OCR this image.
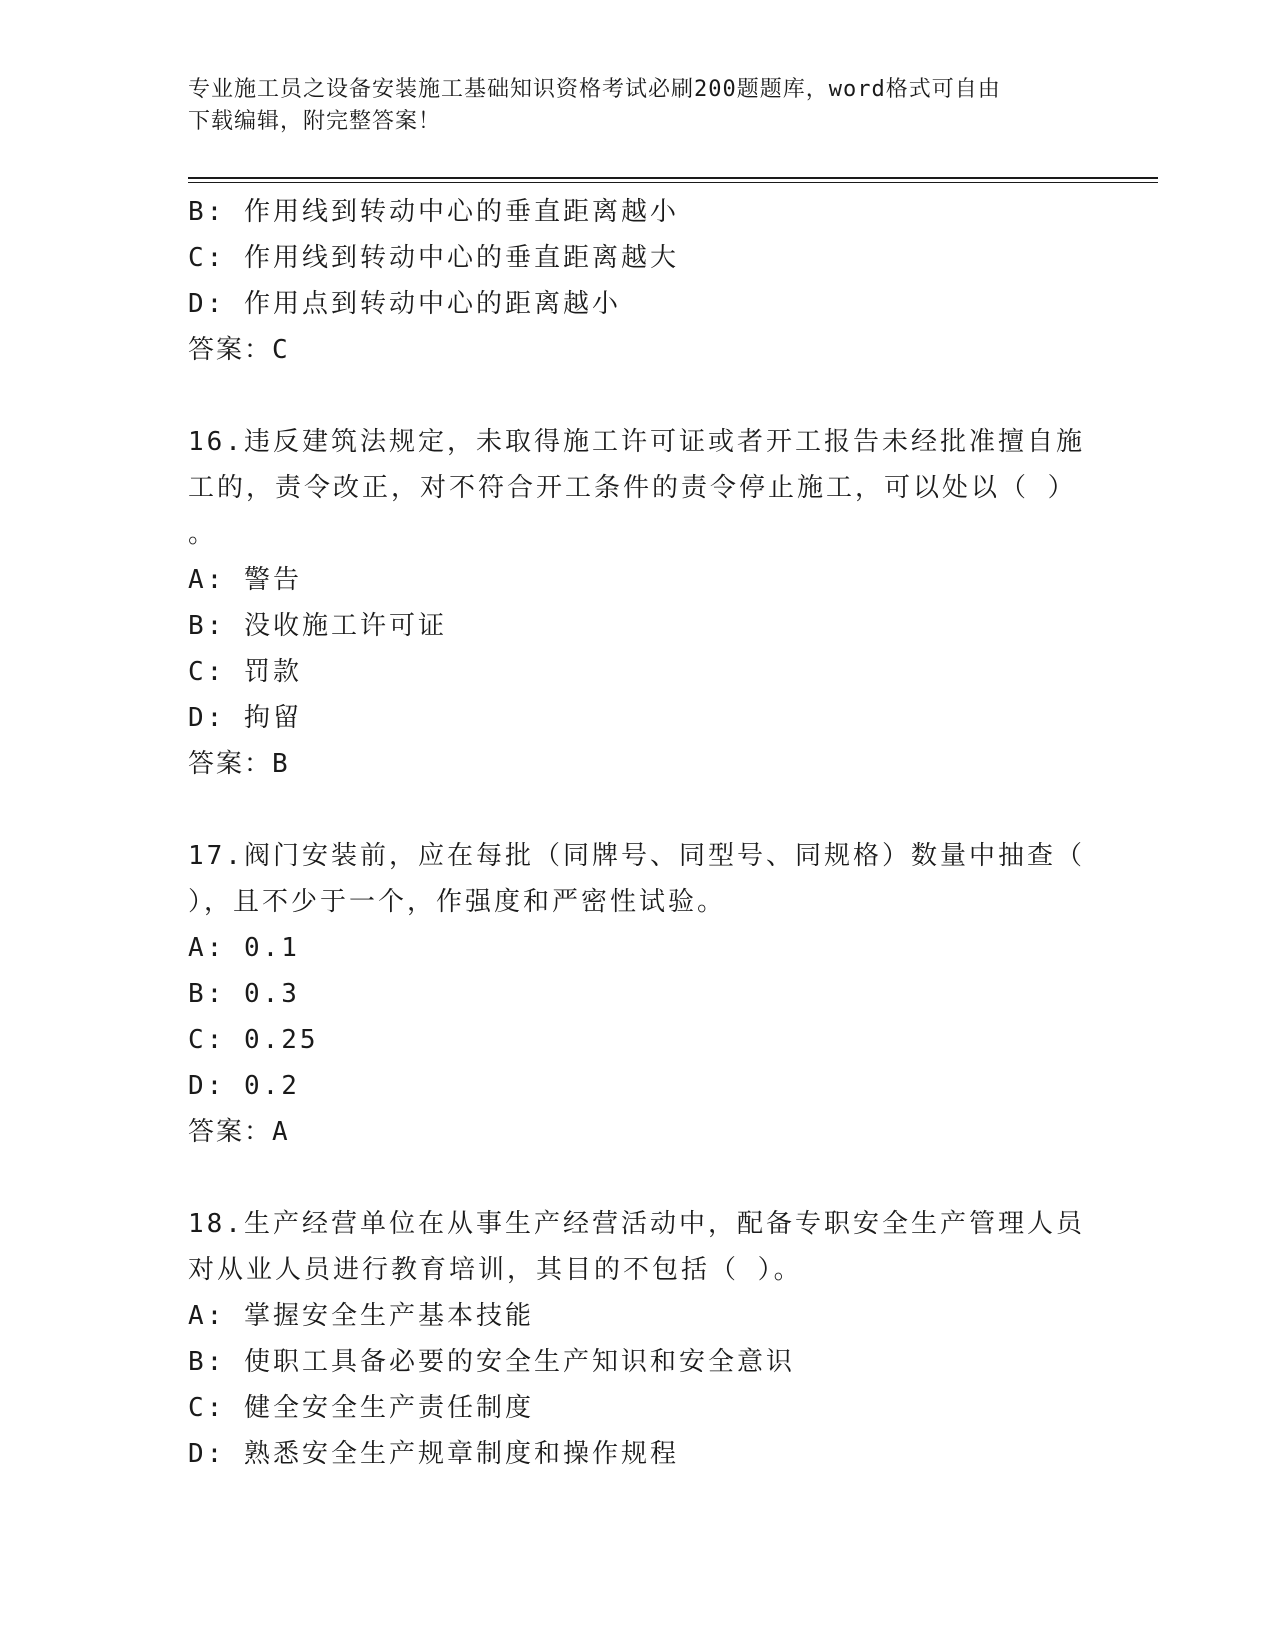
专业施工员之设备安装施工基础知识资格考试必刷200题题库，word格式可自由
下载编辑，附完整答案！
B: 作用线到转动中心的垂直距离越小
C: 作用线到转动中心的垂直距离越大
D: 作用点到转动中心的距离越小
答案：C
16.违反建筑法规定，未取得施工许可证或者开工报告未经批准擅自施
工的，责令改正，对不符合开工条件的责令停止施工，可以处以（ ）
。
A: 警告
B: 没收施工许可证
C: 罚款
D: 拘留
答案：B
17.阀门安装前，应在每批（同牌号、同型号、同规格）数量中抽查（
），且不少于一个，作强度和严密性试验。
A: 0.1
B: 0.3
C: 0.25
D: 0.2
答案：A
18.生产经营单位在从事生产经营活动中，配备专职安全生产管理人员
对从业人员进行教育培训，其目的不包括（ ）。
A: 掌握安全生产基本技能
B: 使职工具备必要的安全生产知识和安全意识
C: 健全安全生产责任制度
D: 熟悉安全生产规章制度和操作规程
